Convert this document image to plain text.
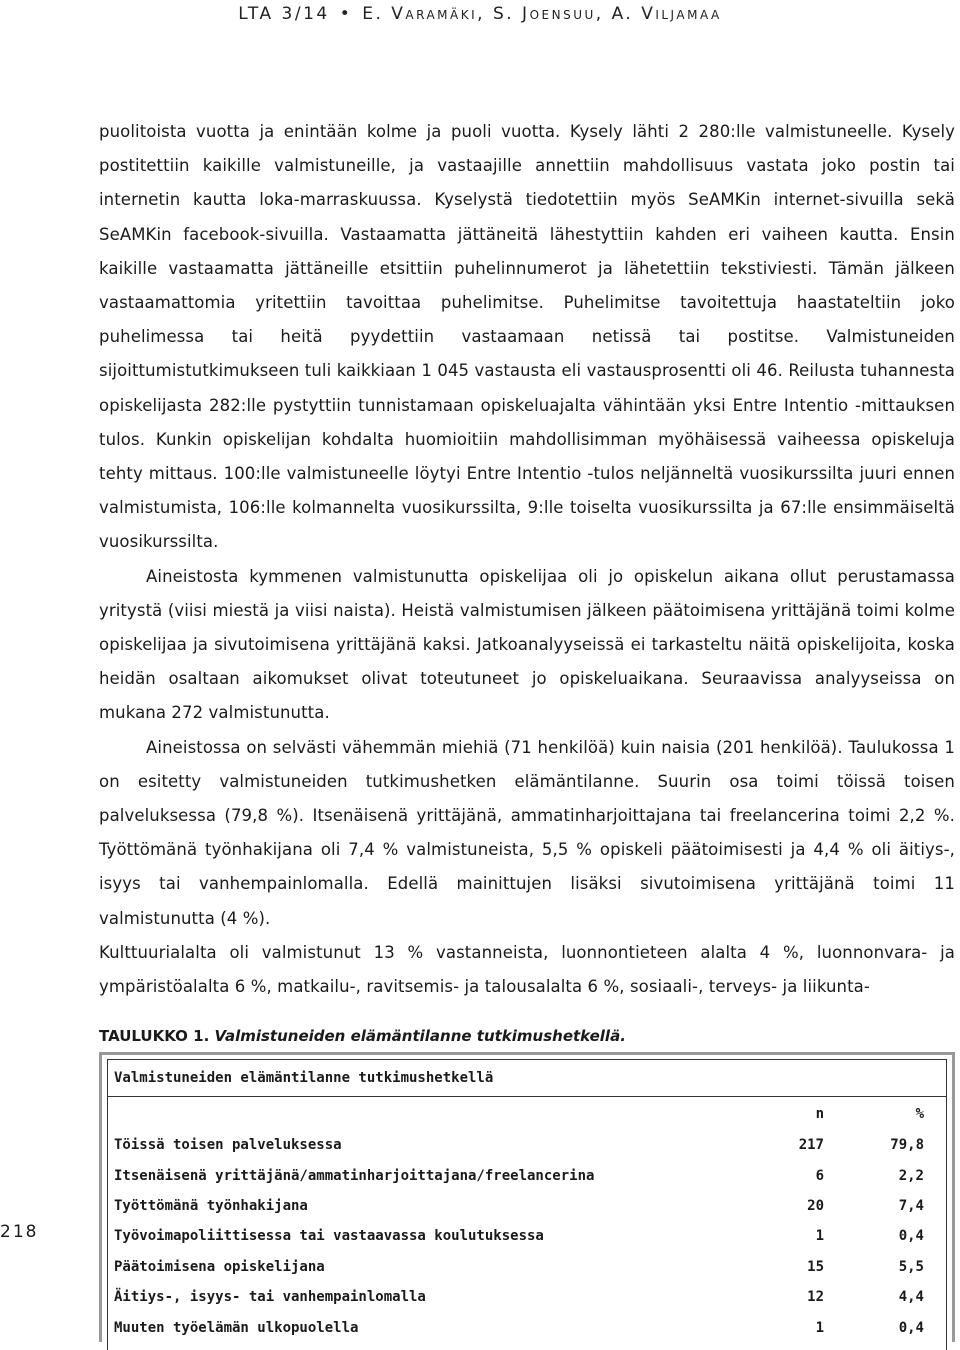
LTA 3/14 • E. Varamäki, S. Joensuu, A. Viljamaa

puolitoista vuotta ja enintään kolme ja puoli vuotta. Kysely lähti 2 280:lle valmistuneelle. Kysely postitettiin kaikille valmistuneille, ja vastaajille annettiin mahdollisuus vastata joko postin tai internetin kautta loka-marraskuussa. Kyselystä tiedotettiin myös SeAMKin internet-sivuilla sekä SeAMKin facebook-sivuilla. Vastaamatta jättäneitä lähestyttiin kahden eri vaiheen kautta. Ensin kaikille vastaamatta jättäneille etsittiin puhelinnumerot ja lähetettiin tekstiviesti. Tämän jälkeen vastaamattomia yritettiin tavoittaa puhelimitse. Puhelimitse tavoitettuja haastateltiin joko puhelimessa tai heitä pyydettiin vastaamaan netissä tai postitse. Valmistuneiden sijoittumistutkimukseen tuli kaikkiaan 1 045 vastausta eli vastausprosentti oli 46. Reilusta tuhannesta opiskelijasta 282:lle pystyttiin tunnistamaan opiskeluajalta vähintään yksi Entre Intentio -mittauksen tulos. Kunkin opiskelijan kohdalta huomioitiin mahdollisimman myöhäisessä vaiheessa opiskeluja tehty mittaus. 100:lle valmistuneelle löytyi Entre Intentio -tulos neljänneltä vuosikurssilta juuri ennen valmistumista, 106:lle kolmannelta vuosikurssilta, 9:lle toiselta vuosikurssilta ja 67:lle ensimmäiseltä vuosikurssilta.

Aineistosta kymmenen valmistunutta opiskelijaa oli jo opiskelun aikana ollut perustamassa yritystä (viisi miestä ja viisi naista). Heistä valmistumisen jälkeen päätoimisena yrittäjänä toimi kolme opiskelijaa ja sivutoimisena yrittäjänä kaksi. Jatkoanalyyseissä ei tarkasteltu näitä opiskelijoita, koska heidän osaltaan aikomukset olivat toteutuneet jo opiskeluaikana. Seuraavissa analyyseissa on mukana 272 valmistunutta.

Aineistossa on selvästi vähemmän miehiä (71 henkilöä) kuin naisia (201 henkilöä). Taulukossa 1 on esitetty valmistuneiden tutkimushetken elämäntilanne. Suurin osa toimi töissä toisen palveluksessa (79,8 %). Itsenäisenä yrittäjänä, ammatinharjoittajana tai freelancerina toimi 2,2 %. Työttömänä työnhakijana oli 7,4 % valmistuneista, 5,5 % opiskeli päätoimisesti ja 4,4 % oli äitiys-, isyys tai vanhempainlomalla. Edellä mainittujen lisäksi sivutoimisena yrittäjänä toimi 11 valmistunutta (4 %).

Kulttuurialalta oli valmistunut 13 % vastanneista, luonnontieteen alalta 4 %, luonnonvara- ja ympäristöalalta 6 %, matkailu-, ravitsemis- ja talousalalta 6 %, sosiaali-, terveys- ja liikunta-

TAULUKKO 1. Valmistuneiden elämäntilanne tutkimushetkellä.
Valmistuneiden elämäntilanne tutkimushetkellä
	n	%
Töissä toisen palveluksessa	217	79,8
Itsenäisenä yrittäjänä/ammatinharjoittajana/freelancerina	6	2,2
Työttömänä työnhakijana	20	7,4
Työvoimapoliittisessa tai vastaavassa koulutuksessa	1	0,4
Päätoimisena opiskelijana	15	5,5
Äitiys-, isyys- tai vanhempainlomalla	12	4,4
Muuten työelämän ulkopuolella	1	0,4
218
